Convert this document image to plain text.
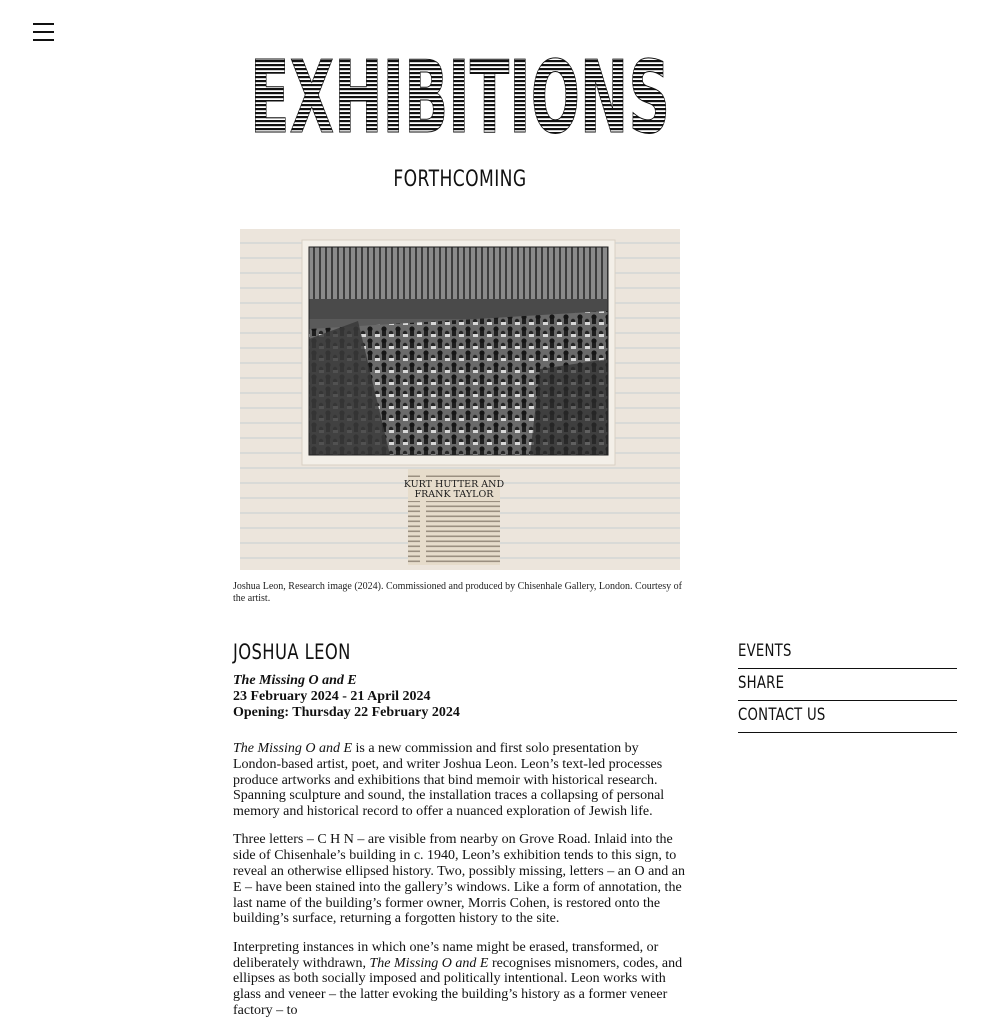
EXHIBITIONS
FORTHCOMING
KURT HUTTER AND
FRANK TAYLOR
Joshua Leon, Research image (2024). Commissioned and produced by Chisenhale Gallery, London. Courtesy of the artist.
JOSHUA LEON
The Missing O and E
23 February 2024 - 21 April 2024
Opening: Thursday 22 February 2024

The Missing O and E is a new commission and first solo presentation by London-based artist, poet, and writer Joshua Leon. Leon’s text-led processes produce artworks and exhibitions that bind memoir with historical research. Spanning sculpture and sound, the installation traces a collapsing of personal memory and historical record to offer a nuanced exploration of Jewish life.

Three letters – C H N – are visible from nearby on Grove Road. Inlaid into the side of Chisenhale’s building in c. 1940, Leon’s exhibition tends to this sign, to reveal an otherwise ellipsed history. Two, possibly missing, letters – an O and an E – have been stained into the gallery’s windows. Like a form of annotation, the last name of the building’s former owner, Morris Cohen, is restored onto the building’s surface, returning a forgotten history to the site.

Interpreting instances in which one’s name might be erased, transformed, or deliberately withdrawn, The Missing O and E recognises misnomers, codes, and ellipses as both socially imposed and politically intentional. Leon works with glass and veneer – the latter evoking the building’s history as a former veneer factory – to

EVENTS
SHARE
CONTACT US
